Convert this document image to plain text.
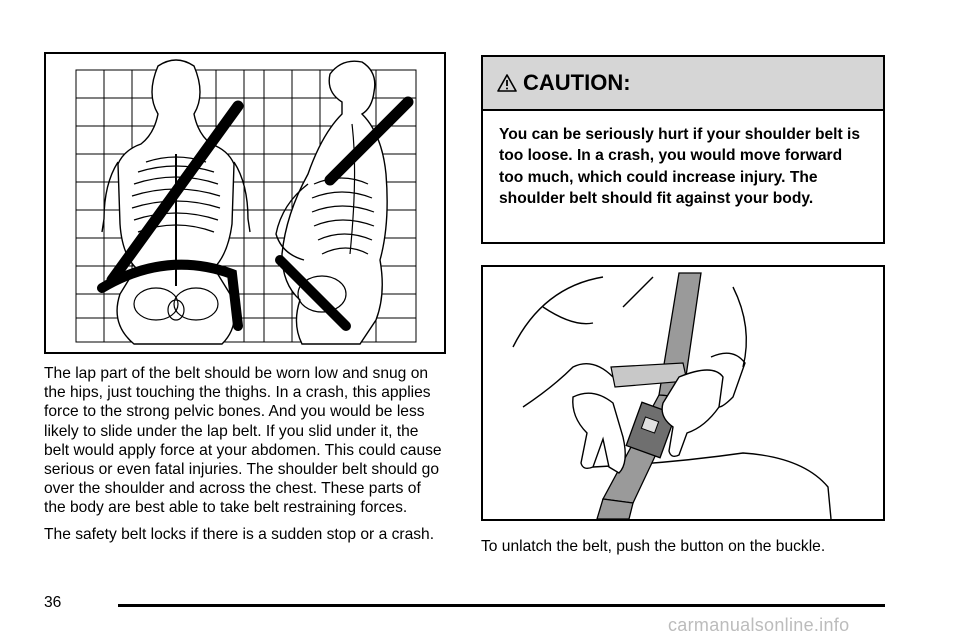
The lap part of the belt should be worn low and snug on the hips, just touching the thighs. In a crash, this applies force to the strong pelvic bones. And you would be less likely to slide under the lap belt. If you slid under it, the belt would apply force at your abdomen. This could cause serious or even fatal injuries. The shoulder belt should go over the shoulder and across the chest. These parts of the body are best able to take belt restraining forces.

The safety belt locks if there is a sudden stop or a crash.

CAUTION:
You can be seriously hurt if your shoulder belt is too loose. In a crash, you would move forward too much, which could increase injury. The shoulder belt should fit against your body.
To unlatch the belt, push the button on the buckle.
36
carmanualsonline.info
